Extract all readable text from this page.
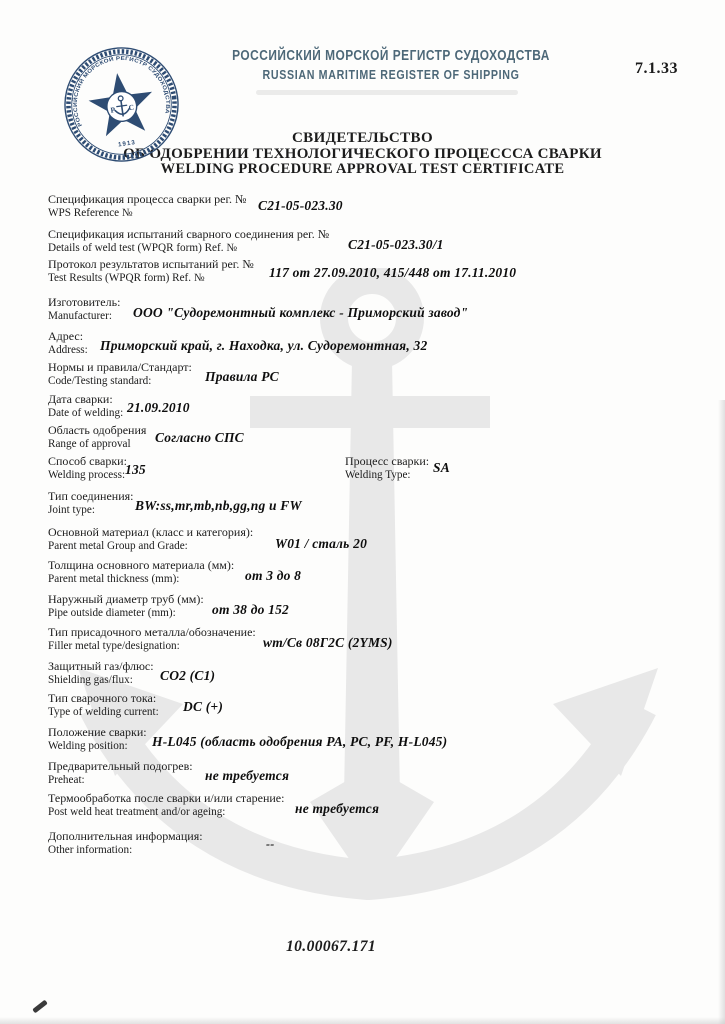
РОССИЙСКИЙ МОРСКОЙ РЕГИСТР СУДОХОДСТВА
Р С
1913
РОССИЙСКИЙ МОРСКОЙ РЕГИСТР СУДОХОДСТВА
RUSSIAN MARITIME REGISTER OF SHIPPING	7.1.33
СВИДЕТЕЛЬСТВО
ОБ ОДОБРЕНИИ ТЕХНОЛОГИЧЕСКОГО ПРОЦЕСССА СВАРКИ
WELDING PROCEDURE APPROVAL TEST CERTIFICATE
Спецификация процесса сварки рег. №
WPS Reference №	C21-05-023.30
Спецификация испытаний сварного соединения рег. №
Details of weld test (WPQR form) Ref. №	C21-05-023.30/1
Протокол результатов испытаний рег. №
Test Results (WPQR form) Ref. №	117 от 27.09.2010, 415/448 от 17.11.2010
Изготовитель:
Manufacturer:	ООО "Судоремонтный комплекс - Приморский завод"
Адрес:
Address: Приморский край, г. Находка, ул. Судоремонтная, 32
Нормы и правила/Стандарт:
Code/Testing standard:	Правила РС
Дата сварки:
Date of welding: 21.09.2010
Область одобрения
Range of approval	Согласно СПС
Способ сварки:
Welding process: 135
Процесс сварки:
Welding Type:	SA
Тип соединения:
Joint type:	BW:ss,mr,mb,nb,gg,ng и FW
Основной материал (класс и категория):
Parent metal Group and Grade:	W01 / сталь 20
Толщина основного материала (мм):
Parent metal thickness (mm):	от 3 до 8
Наружный диаметр труб (мм):
Pipe outside diameter (mm):	от 38 до 152
Тип присадочного металла/обозначение:
Filler metal type/designation:	wm/Св 08Г2С (2YMS)
Защитный газ/флюс:
Shielding gas/flux:	CO2 (C1)
Тип сварочного тока:
Type of welding current:	DC (+)
Положение сварки:
Welding position:	H-L045 (область одобрения PA, PC, PF, H-L045)
Предварительный подогрев:
Preheat:	не требуется
Термообработка после сварки и/или старение:
Post weld heat treatment and/or ageing:	не требуется
Дополнительная информация:
Other information:	--
10.00067.171
